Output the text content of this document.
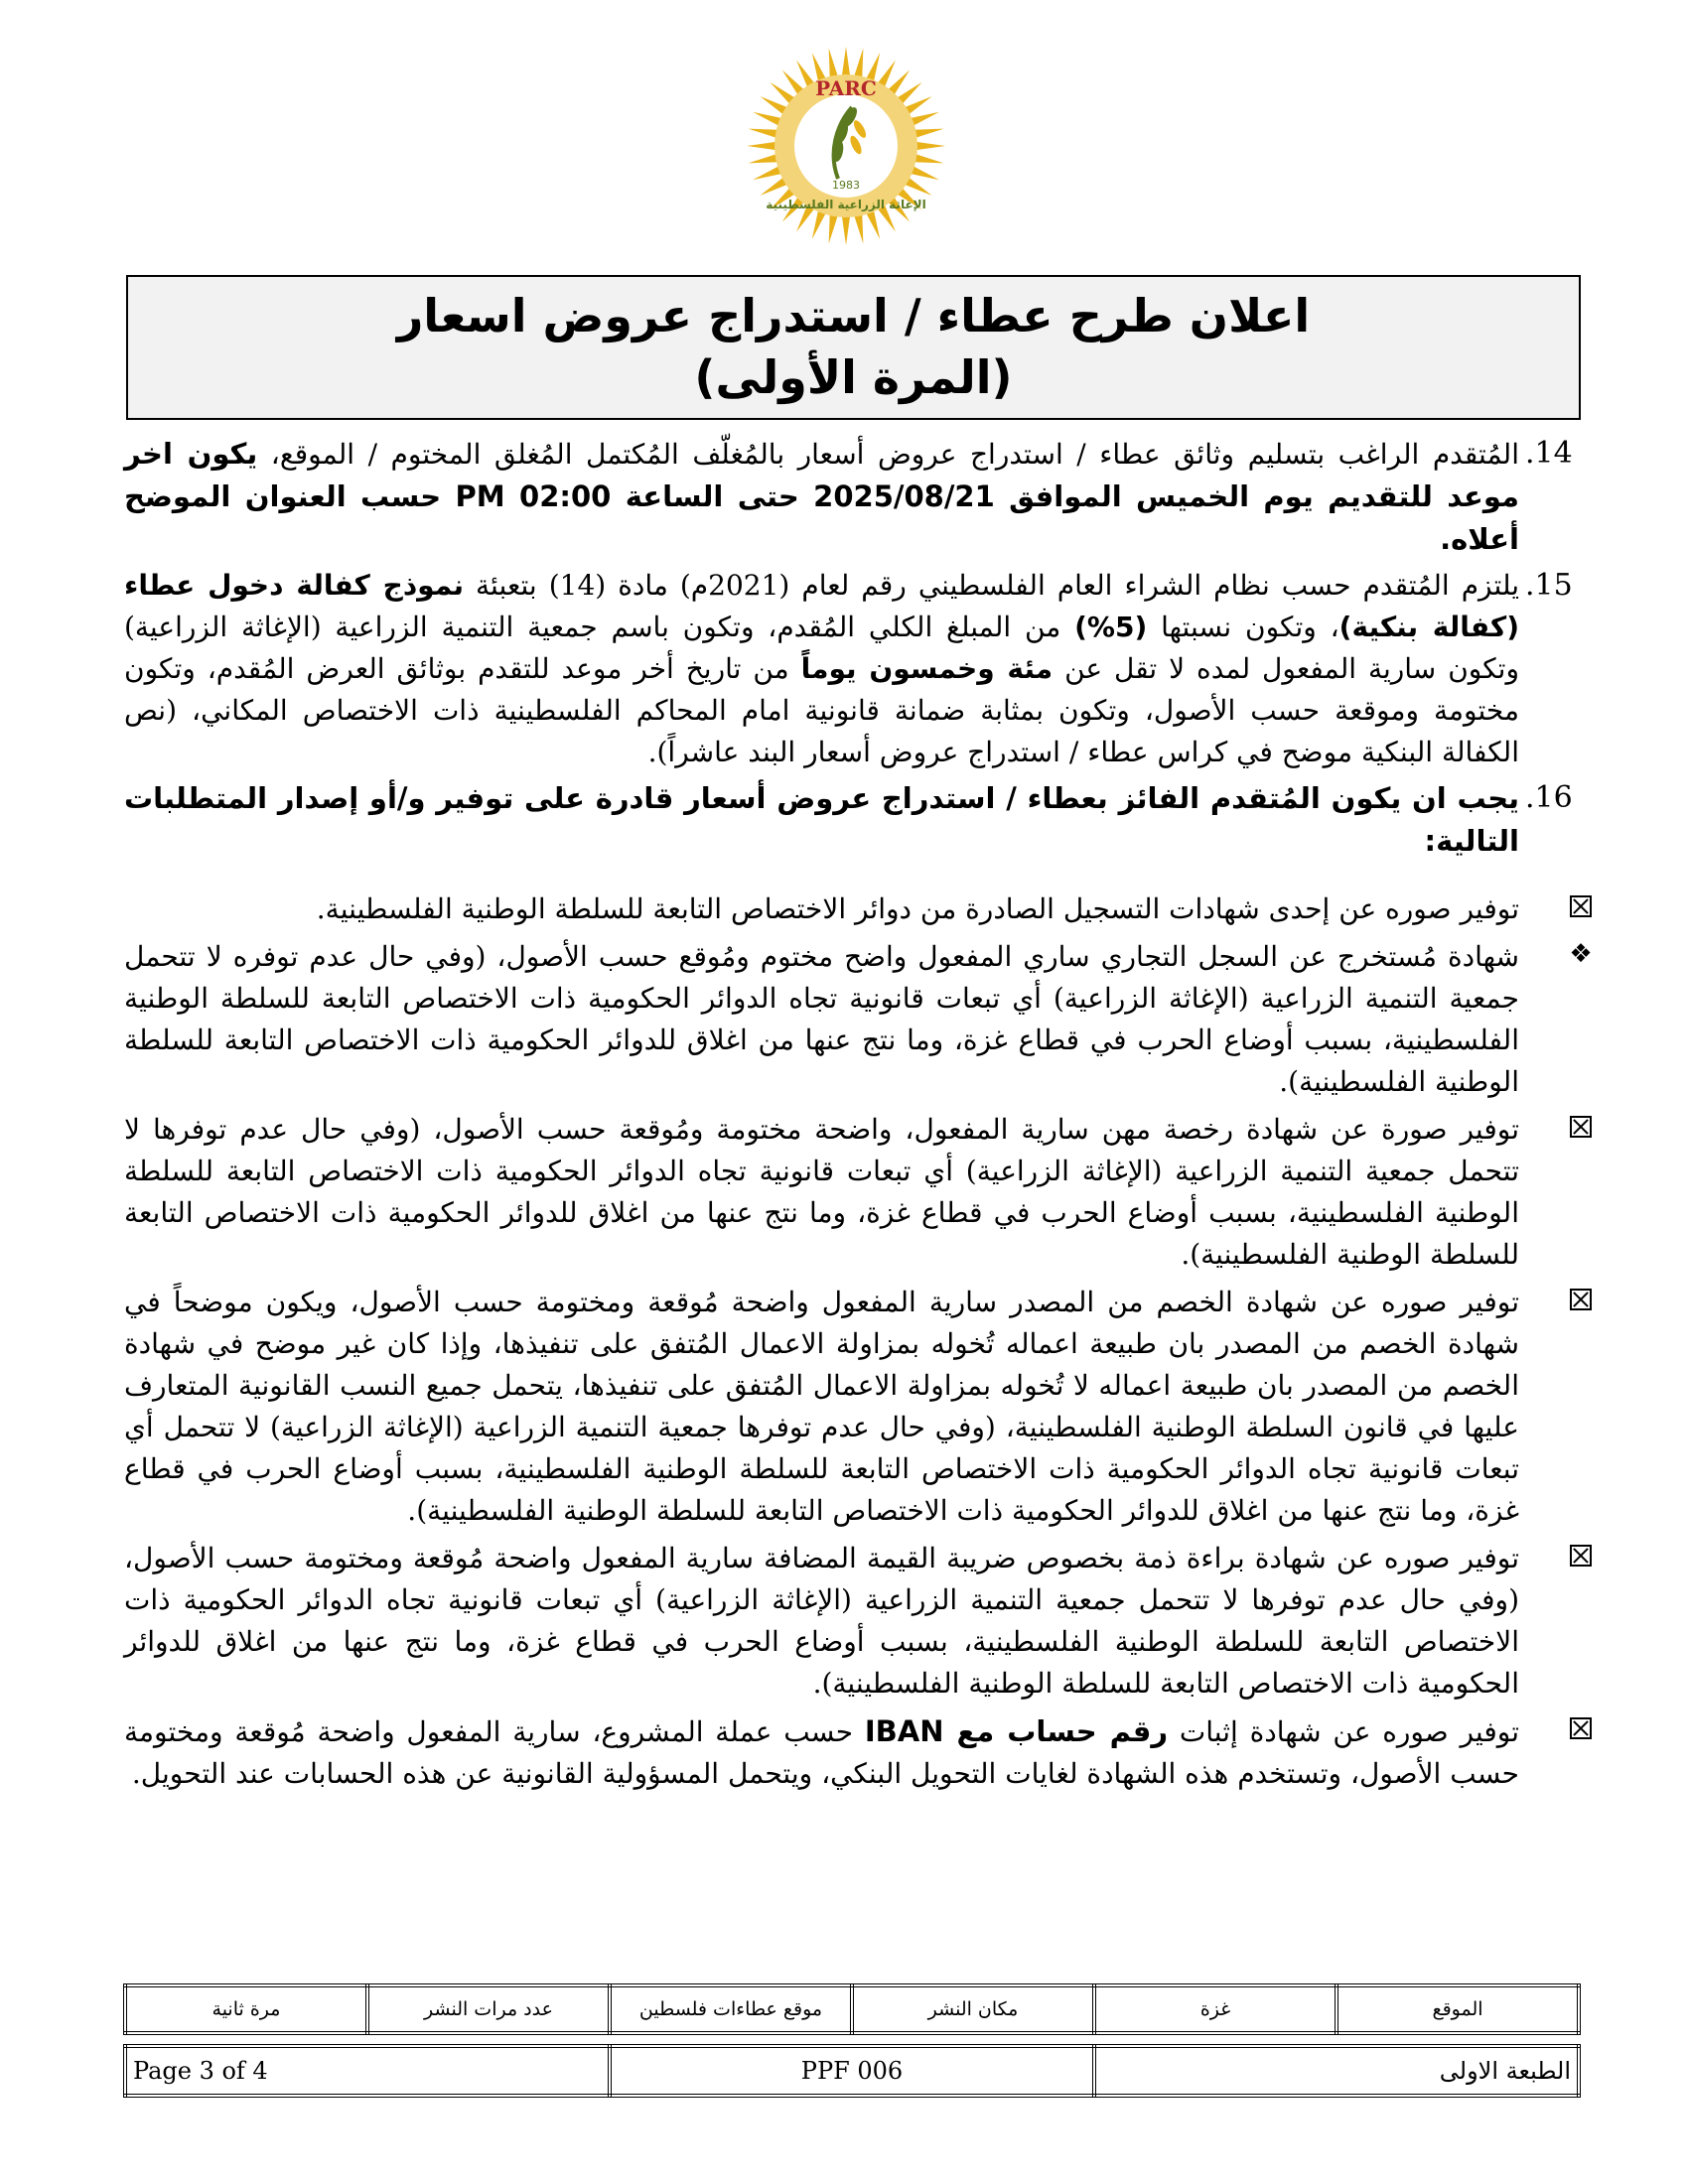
PARC
1983
الإغاثة الزراعية الفلسطينية
اعلان طرح عطاء / استدراج عروض اسعار
(المرة الأولى)
.14

المُتقدم الراغب بتسليم وثائق عطاء / استدراج عروض أسعار بالمُغلّف المُكتمل المُغلق المختوم / الموقع، يكون اخر موعد للتقديم يوم الخميس الموافق 2025/08/21 حتى الساعة 02:00 PM حسب العنوان الموضح أعلاه.

.15

يلتزم المُتقدم حسب نظام الشراء العام الفلسطيني رقم لعام (2021م) مادة (14) بتعبئة نموذج كفالة دخول عطاء (كفالة بنكية)، وتكون نسبتها (5%) من المبلغ الكلي المُقدم، وتكون باسم جمعية التنمية الزراعية (الإغاثة الزراعية) وتكون سارية المفعول لمده لا تقل عن مئة وخمسون يوماً من تاريخ أخر موعد للتقدم بوثائق العرض المُقدم، وتكون مختومة وموقعة حسب الأصول، وتكون بمثابة ضمانة قانونية امام المحاكم الفلسطينية ذات الاختصاص المكاني، (نص الكفالة البنكية موضح في كراس عطاء / استدراج عروض أسعار البند عاشراً).

.16

يجب ان يكون المُتقدم الفائز بعطاء / استدراج عروض أسعار قادرة على توفير و/أو إصدار المتطلبات التالية:

توفير صوره عن إحدى شهادات التسجيل الصادرة من دوائر الاختصاص التابعة للسلطة الوطنية الفلسطينية.

❖

شهادة مُستخرج عن السجل التجاري ساري المفعول واضح مختوم ومُوقع حسب الأصول، (وفي حال عدم توفره لا تتحمل جمعية التنمية الزراعية (الإغاثة الزراعية) أي تبعات قانونية تجاه الدوائر الحكومية ذات الاختصاص التابعة للسلطة الوطنية الفلسطينية، بسبب أوضاع الحرب في قطاع غزة، وما نتج عنها من اغلاق للدوائر الحكومية ذات الاختصاص التابعة للسلطة الوطنية الفلسطينية).

توفير صورة عن شهادة رخصة مهن سارية المفعول، واضحة مختومة ومُوقعة حسب الأصول، (وفي حال عدم توفرها لا تتحمل جمعية التنمية الزراعية (الإغاثة الزراعية) أي تبعات قانونية تجاه الدوائر الحكومية ذات الاختصاص التابعة للسلطة الوطنية الفلسطينية، بسبب أوضاع الحرب في قطاع غزة، وما نتج عنها من اغلاق للدوائر الحكومية ذات الاختصاص التابعة للسلطة الوطنية الفلسطينية).

توفير صوره عن شهادة الخصم من المصدر سارية المفعول واضحة مُوقعة ومختومة حسب الأصول، ويكون موضحاً في شهادة الخصم من المصدر بان طبيعة اعماله تُخوله بمزاولة الاعمال المُتفق على تنفيذها، وإذا كان غير موضح في شهادة الخصم من المصدر بان طبيعة اعماله لا تُخوله بمزاولة الاعمال المُتفق على تنفيذها، يتحمل جميع النسب القانونية المتعارف عليها في قانون السلطة الوطنية الفلسطينية، (وفي حال عدم توفرها جمعية التنمية الزراعية (الإغاثة الزراعية) لا تتحمل أي تبعات قانونية تجاه الدوائر الحكومية ذات الاختصاص التابعة للسلطة الوطنية الفلسطينية، بسبب أوضاع الحرب في قطاع غزة، وما نتج عنها من اغلاق للدوائر الحكومية ذات الاختصاص التابعة للسلطة الوطنية الفلسطينية).

توفير صوره عن شهادة براءة ذمة بخصوص ضريبة القيمة المضافة سارية المفعول واضحة مُوقعة ومختومة حسب الأصول، (وفي حال عدم توفرها لا تتحمل جمعية التنمية الزراعية (الإغاثة الزراعية) أي تبعات قانونية تجاه الدوائر الحكومية ذات الاختصاص التابعة للسلطة الوطنية الفلسطينية، بسبب أوضاع الحرب في قطاع غزة، وما نتج عنها من اغلاق للدوائر الحكومية ذات الاختصاص التابعة للسلطة الوطنية الفلسطينية).

توفير صوره عن شهادة إثبات رقم حساب مع IBAN حسب عملة المشروع، سارية المفعول واضحة مُوقعة ومختومة حسب الأصول، وتستخدم هذه الشهادة لغايات التحويل البنكي، ويتحمل المسؤولية القانونية عن هذه الحسابات عند التحويل.

الموقع	غزة	مكان النشر	موقع عطاءات فلسطين	عدد مرات النشر	مرة ثانية
Page 3 of 4	PPF 006	الطبعة الاولى
